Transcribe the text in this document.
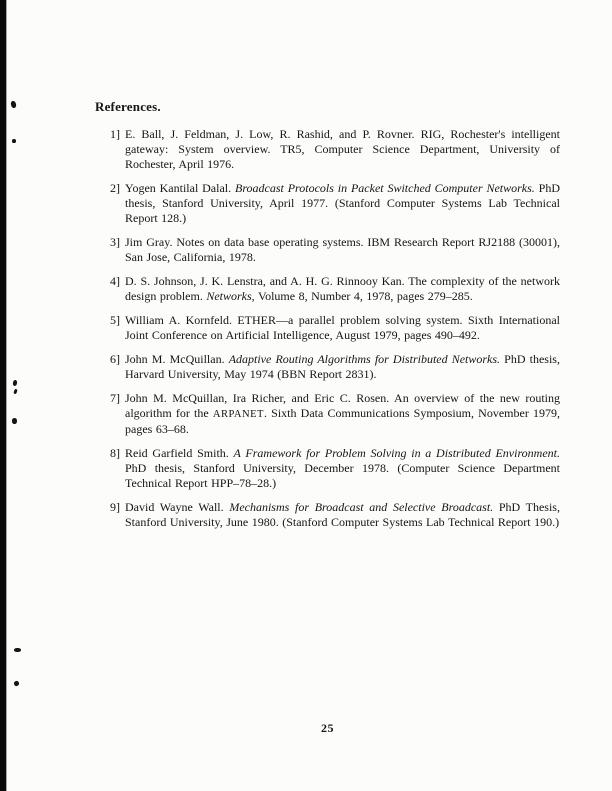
References.
1] E. Ball, J. Feldman, J. Low, R. Rashid, and P. Rovner. RIG, Rochester's intelligent gateway: System overview. TR5, Computer Science Department, University of Rochester, April 1976.
2] Yogen Kantilal Dalal. Broadcast Protocols in Packet Switched Computer Networks. PhD thesis, Stanford University, April 1977. (Stanford Computer Systems Lab Technical Report 128.)
3] Jim Gray. Notes on data base operating systems. IBM Research Report RJ2188 (30001), San Jose, California, 1978.
4] D. S. Johnson, J. K. Lenstra, and A. H. G. Rinnooy Kan. The complexity of the network design problem. Networks, Volume 8, Number 4, 1978, pages 279–285.
5] William A. Kornfeld. ETHER—a parallel problem solving system. Sixth International Joint Conference on Artificial Intelligence, August 1979, pages 490–492.
6] John M. McQuillan. Adaptive Routing Algorithms for Distributed Networks. PhD thesis, Harvard University, May 1974 (BBN Report 2831).
7] John M. McQuillan, Ira Richer, and Eric C. Rosen. An overview of the new routing algorithm for the ARPANET. Sixth Data Communications Symposium, November 1979, pages 63–68.
8] Reid Garfield Smith. A Framework for Problem Solving in a Distributed Environment. PhD thesis, Stanford University, December 1978. (Computer Science Department Technical Report HPP–78–28.)
9] David Wayne Wall. Mechanisms for Broadcast and Selective Broadcast. PhD Thesis, Stanford University, June 1980. (Stanford Computer Systems Lab Technical Report 190.)
25
